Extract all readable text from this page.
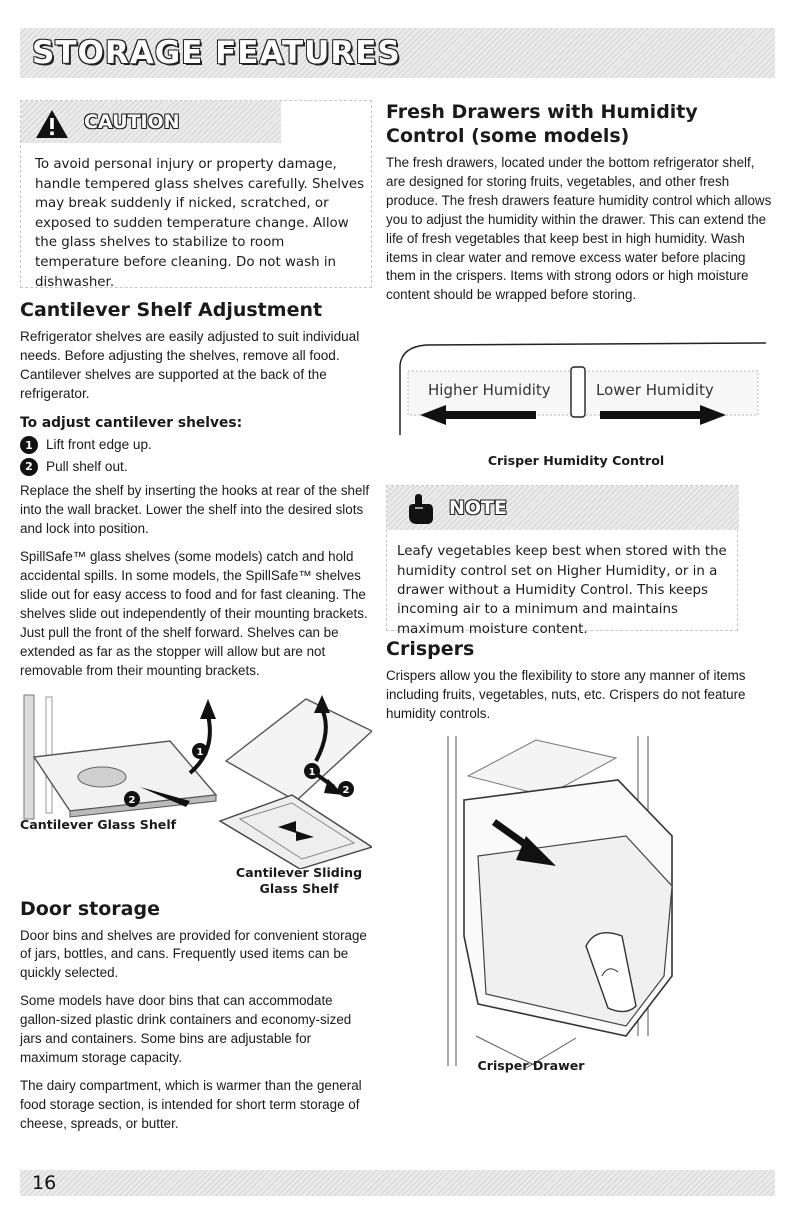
STORAGE FEATURES
CAUTION

To avoid personal injury or property damage, handle tempered glass shelves carefully. Shelves may break suddenly if nicked, scratched, or exposed to sudden temperature change. Allow the glass shelves to stabilize to room temperature before cleaning. Do not wash in dishwasher.

Cantilever Shelf Adjustment

Refrigerator shelves are easily adjusted to suit individual needs. Before adjusting the shelves, remove all food. Cantilever shelves are supported at the back of the refrigerator.

To adjust cantilever shelves:

1 Lift front edge up.
2 Pull shelf out.

Replace the shelf by inserting the hooks at rear of the shelf into the wall bracket. Lower the shelf into the desired slots and lock into position.

SpillSafe™ glass shelves (some models) catch and hold accidental spills. In some models, the SpillSafe™ shelves slide out for easy access to food and for fast cleaning. The shelves slide out independently of their mounting brackets. Just pull the front of the shelf forward. Shelves can be extended as far as the stopper will allow but are not removable from their mounting brackets.

1
2
Cantilever Glass Shelf
1
2
Cantilever Sliding
Glass Shelf
Door storage

Door bins and shelves are provided for convenient storage of jars, bottles, and cans. Frequently used items can be quickly selected.

Some models have door bins that can accommodate gallon-sized plastic drink containers and economy-sized jars and containers. Some bins are adjustable for maximum storage capacity.

The dairy compartment, which is warmer than the general food storage section, is intended for short term storage of cheese, spreads, or butter.

Fresh Drawers with Humidity
Control (some models)

The fresh drawers, located under the bottom refrigerator shelf, are designed for storing fruits, vegetables, and other fresh produce. The fresh drawers feature humidity control which allows you to adjust the humidity within the drawer. This can extend the life of fresh vegetables that keep best in high humidity. Wash items in clear water and remove excess water before placing them in the crispers. Items with strong odors or high moisture content should be wrapped before storing.

Higher Humidity	Lower Humidity
Crisper Humidity Control
NOTE

Leafy vegetables keep best when stored with the humidity control set on Higher Humidity, or in a drawer without a Humidity Control. This keeps incoming air to a minimum and maintains maximum moisture content.

Crispers

Crispers allow you the flexibility to store any manner of items including fruits, vegetables, nuts, etc. Crispers do not feature humidity controls.

Crisper Drawer
16
